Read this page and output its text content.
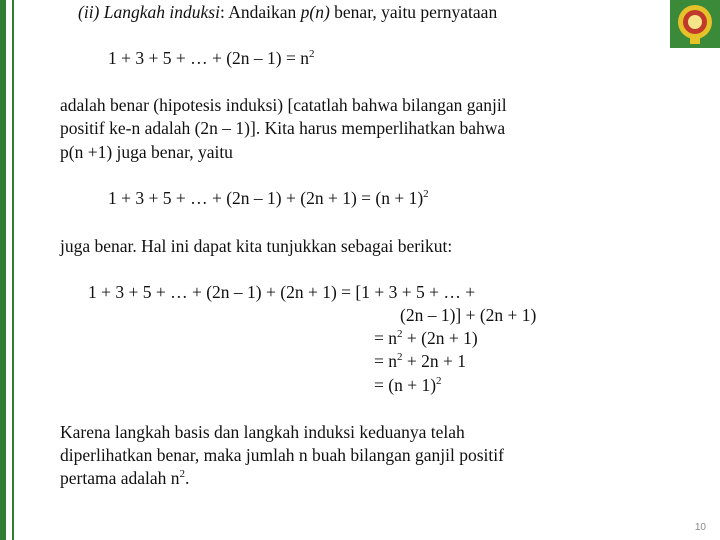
(ii) Langkah induksi: Andaikan p(n) benar, yaitu pernyataan
1 + 3 + 5 + … + $(2n - 1) = n^2$
adalah benar (hipotesis induksi) [catatlah bahwa bilangan ganjil
positif ke-n adalah (2n – 1)]. Kita harus memperlihatkan bahwa
p(n +1) juga benar, yaitu
1 + 3 + 5 + … + $(2n - 1) + (2n + 1) = (n + 1)^2$
juga benar. Hal ini dapat kita tunjukkan sebagai berikut:
1 + 3 + 5 + … + (2n – 1) + (2n + 1) = [1 + 3 + 5 + … +
(2n – 1)] + (2n + 1)
= $n^2 + (2n + 1)$
= $n^2 + 2n + 1$
= $(n + 1)^2$
Karena langkah basis dan langkah induksi keduanya telah
diperlihatkan benar, maka jumlah n buah bilangan ganjil positif
pertama adalah $n^2$.
10
